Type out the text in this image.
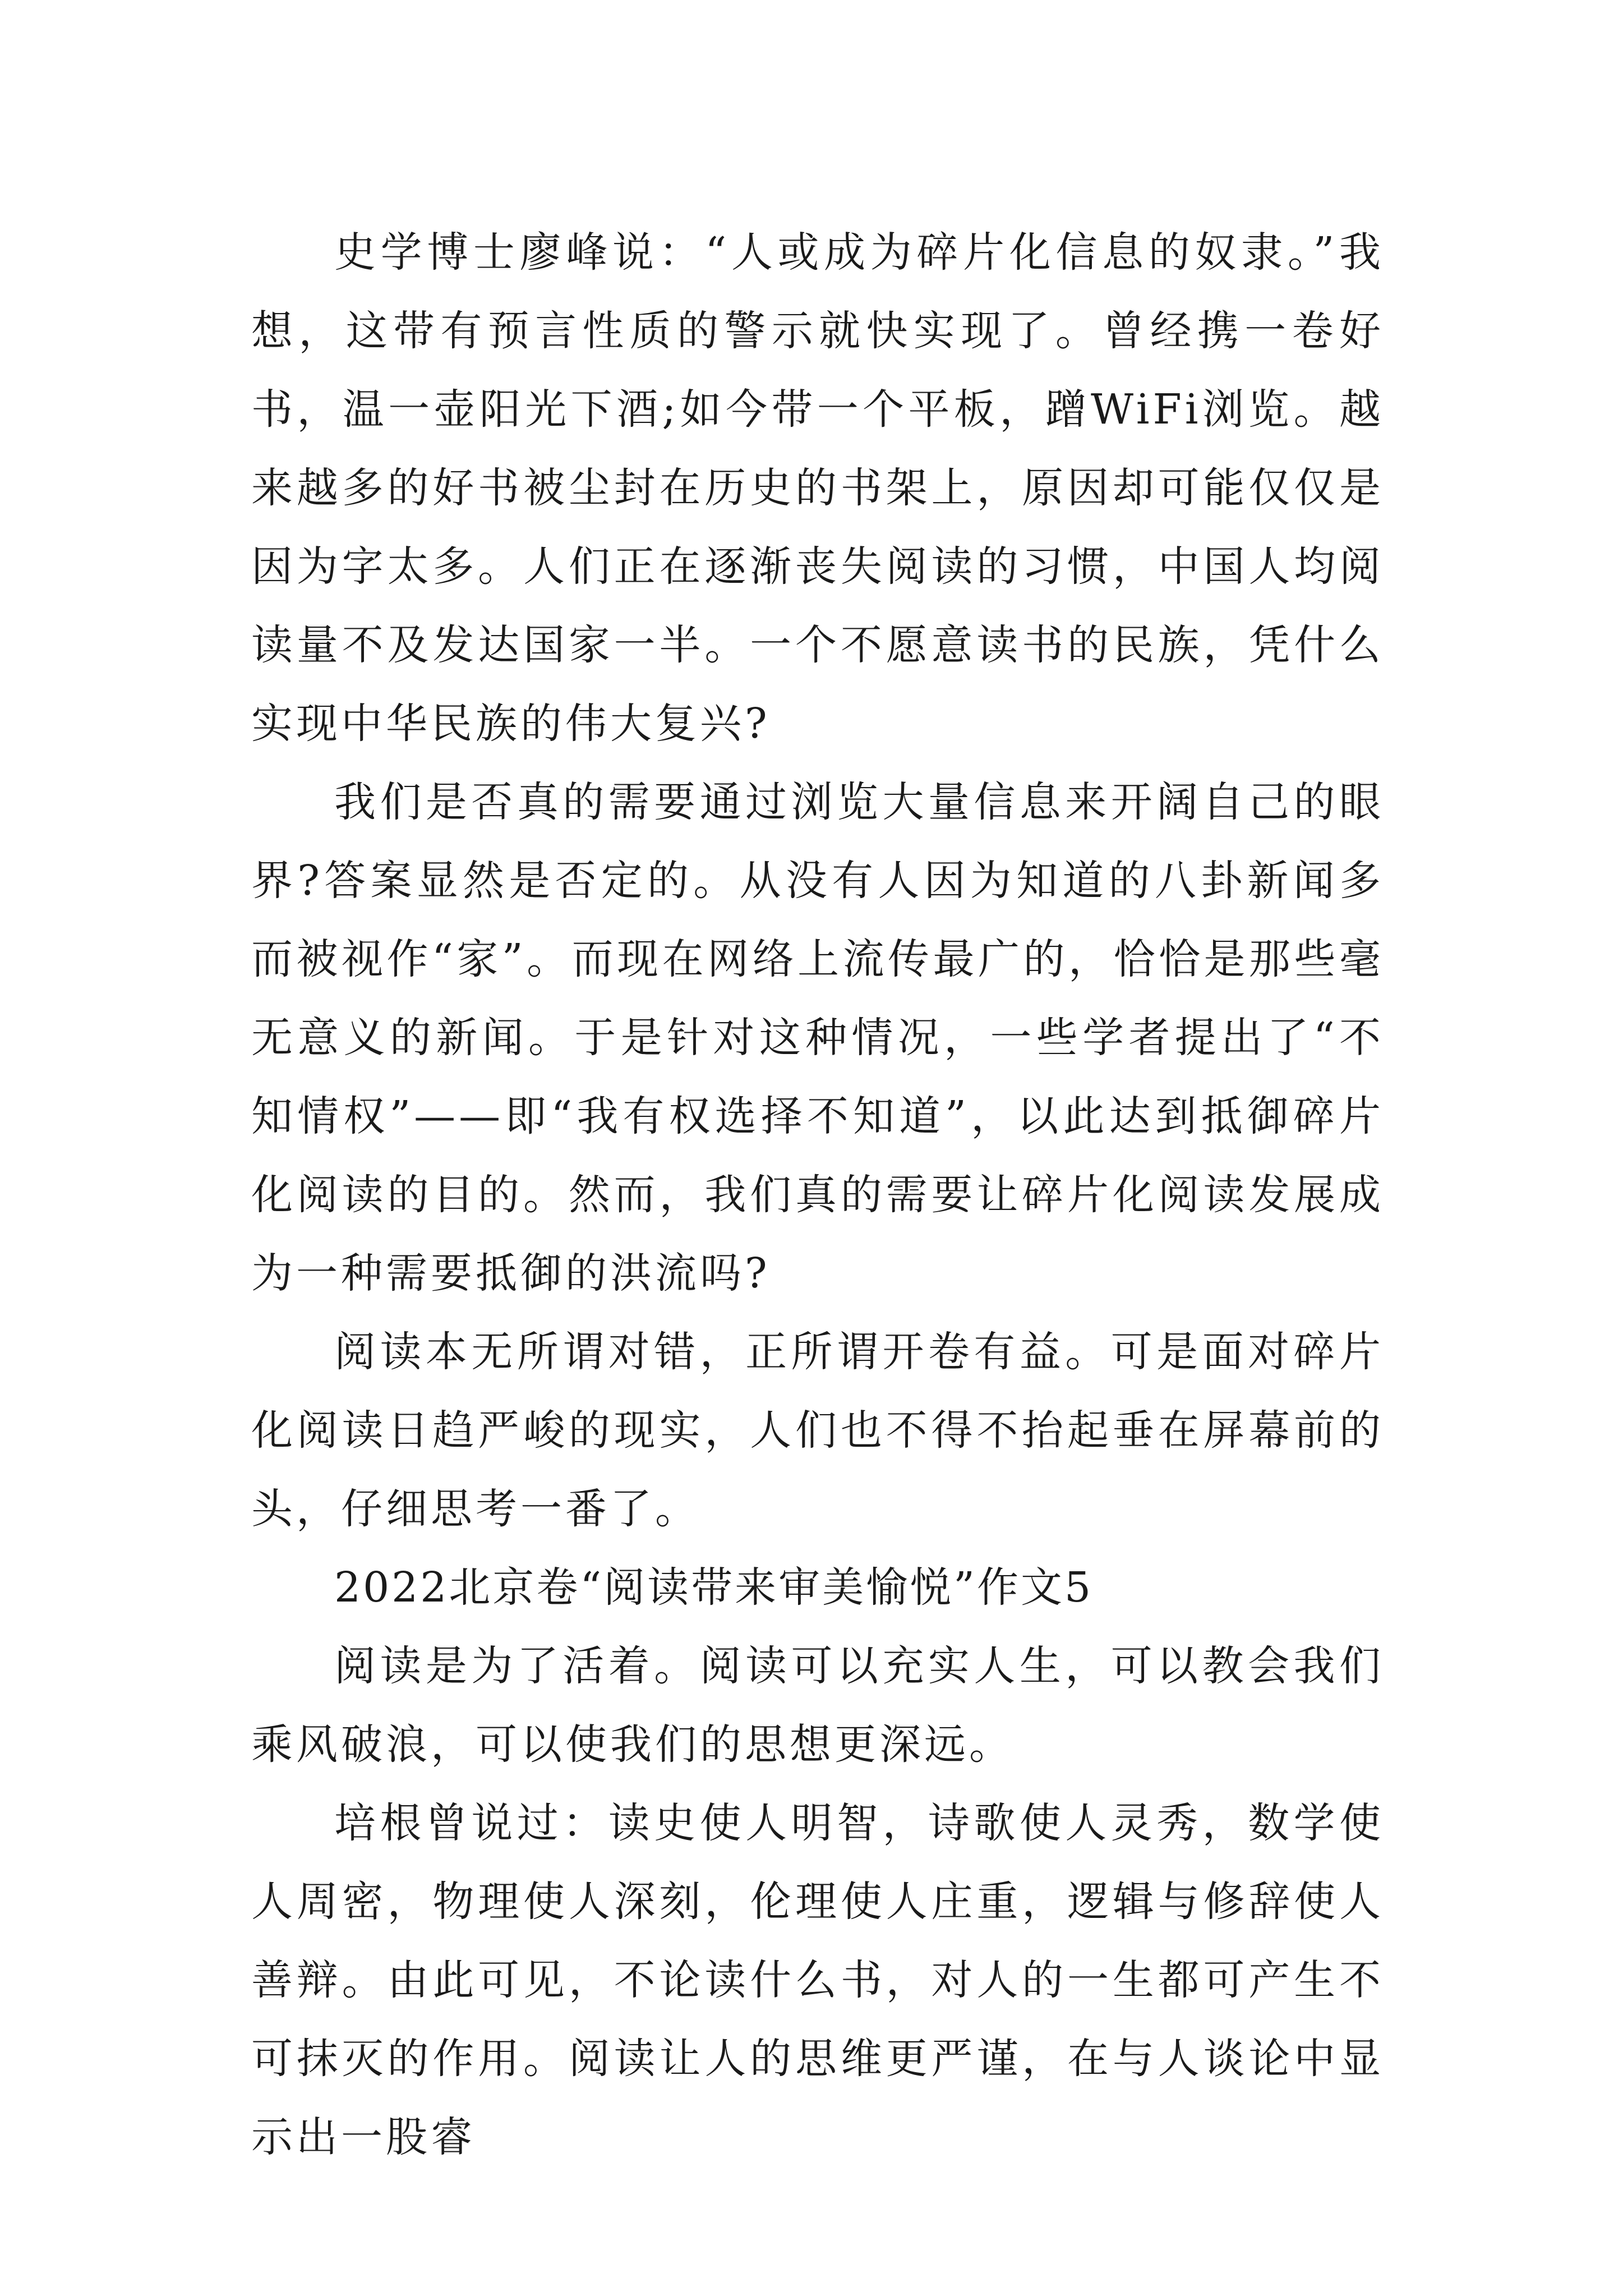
史学博士廖峰说：“人或成为碎片化信息的奴隶。”我想，这带有预言性质的警示就快实现了。曾经携一卷好书，温一壶阳光下酒;如今带一个平板，蹭WiFi浏览。越来越多的好书被尘封在历史的书架上，原因却可能仅仅是因为字太多。人们正在逐渐丧失阅读的习惯，中国人均阅读量不及发达国家一半。一个不愿意读书的民族，凭什么实现中华民族的伟大复兴?

我们是否真的需要通过浏览大量信息来开阔自己的眼界?答案显然是否定的。从没有人因为知道的八卦新闻多而被视作“家”。而现在网络上流传最广的，恰恰是那些毫无意义的新闻。于是针对这种情况，一些学者提出了“不知情权”——即“我有权选择不知道”，以此达到抵御碎片化阅读的目的。然而，我们真的需要让碎片化阅读发展成为一种需要抵御的洪流吗?

阅读本无所谓对错，正所谓开卷有益。可是面对碎片化阅读日趋严峻的现实，人们也不得不抬起垂在屏幕前的头，仔细思考一番了。

2022北京卷“阅读带来审美愉悦”作文5

阅读是为了活着。阅读可以充实人生，可以教会我们乘风破浪，可以使我们的思想更深远。

培根曾说过：读史使人明智，诗歌使人灵秀，数学使人周密，物理使人深刻，伦理使人庄重，逻辑与修辞使人善辩。由此可见，不论读什么书，对人的一生都可产生不可抹灭的作用。阅读让人的思维更严谨，在与人谈论中显示出一股睿
